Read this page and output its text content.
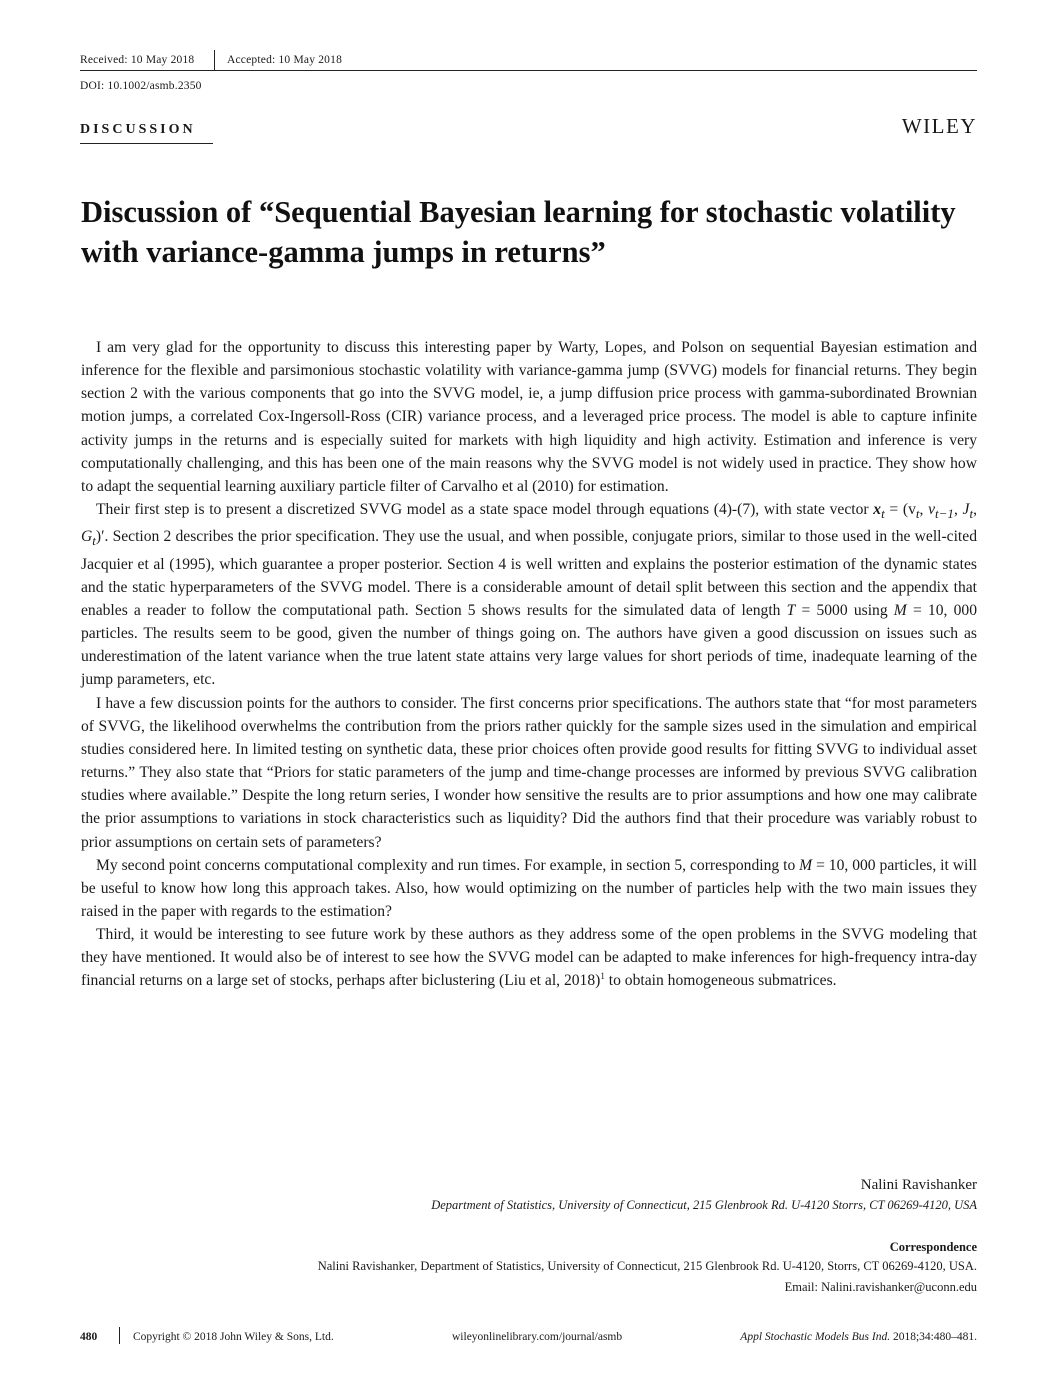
Received: 10 May 2018	Accepted: 10 May 2018
DOI: 10.1002/asmb.2350
DISCUSSION	WILEY
Discussion of “Sequential Bayesian learning for stochastic volatility with variance-gamma jumps in returns”

I am very glad for the opportunity to discuss this interesting paper by Warty, Lopes, and Polson on sequential Bayesian estimation and inference for the flexible and parsimonious stochastic volatility with variance-gamma jump (SVVG) models for financial returns. They begin section 2 with the various components that go into the SVVG model, ie, a jump diffusion price process with gamma-subordinated Brownian motion jumps, a correlated Cox-Ingersoll-Ross (CIR) variance process, and a leveraged price process. The model is able to capture infinite activity jumps in the returns and is especially suited for markets with high liquidity and high activity. Estimation and inference is very computationally challenging, and this has been one of the main reasons why the SVVG model is not widely used in practice. They show how to adapt the sequential learning auxiliary particle filter of Carvalho et al (2010) for estimation.

Their first step is to present a discretized SVVG model as a state space model through equations (4)-(7), with state vector $x_t = (v_t$, $v_{t-1}$, $J_t$, $G_t)'$. Section 2 describes the prior specification. They use the usual, and when possible, conjugate priors, similar to those used in the well-cited Jacquier et al (1995), which guarantee a proper posterior. Section 4 is well written and explains the posterior estimation of the dynamic states and the static hyperparameters of the SVVG model. There is a considerable amount of detail split between this section and the appendix that enables a reader to follow the computational path. Section 5 shows results for the simulated data of length T = 5000 using M = 10, 000 particles. The results seem to be good, given the number of things going on. The authors have given a good discussion on issues such as underestimation of the latent variance when the true latent state attains very large values for short periods of time, inadequate learning of the jump parameters, etc.

I have a few discussion points for the authors to consider. The first concerns prior specifications. The authors state that “for most parameters of SVVG, the likelihood overwhelms the contribution from the priors rather quickly for the sample sizes used in the simulation and empirical studies considered here. In limited testing on synthetic data, these prior choices often provide good results for fitting SVVG to individual asset returns.” They also state that “Priors for static parameters of the jump and time-change processes are informed by previous SVVG calibration studies where available.” Despite the long return series, I wonder how sensitive the results are to prior assumptions and how one may calibrate the prior assumptions to variations in stock characteristics such as liquidity? Did the authors find that their procedure was variably robust to prior assumptions on certain sets of parameters?

My second point concerns computational complexity and run times. For example, in section 5, corresponding to M = 10, 000 particles, it will be useful to know how long this approach takes. Also, how would optimizing on the number of particles help with the two main issues they raised in the paper with regards to the estimation?

Third, it would be interesting to see future work by these authors as they address some of the open problems in the SVVG modeling that they have mentioned. It would also be of interest to see how the SVVG model can be adapted to make inferences for high-frequency intra-day financial returns on a large set of stocks, perhaps after biclustering (Liu et al, 2018)$^1$ to obtain homogeneous submatrices.

Nalini Ravishanker
Department of Statistics, University of Connecticut, 215 Glenbrook Rd. U-4120 Storrs, CT 06269-4120, USA
Correspondence
Nalini Ravishanker, Department of Statistics, University of Connecticut, 215 Glenbrook Rd. U-4120, Storrs, CT 06269-4120, USA.
Email: Nalini.ravishanker@uconn.edu
480	Copyright © 2018 John Wiley & Sons, Ltd.	wileyonlinelibrary.com/journal/asmb	Appl Stochastic Models Bus Ind. 2018;34:480–481.
